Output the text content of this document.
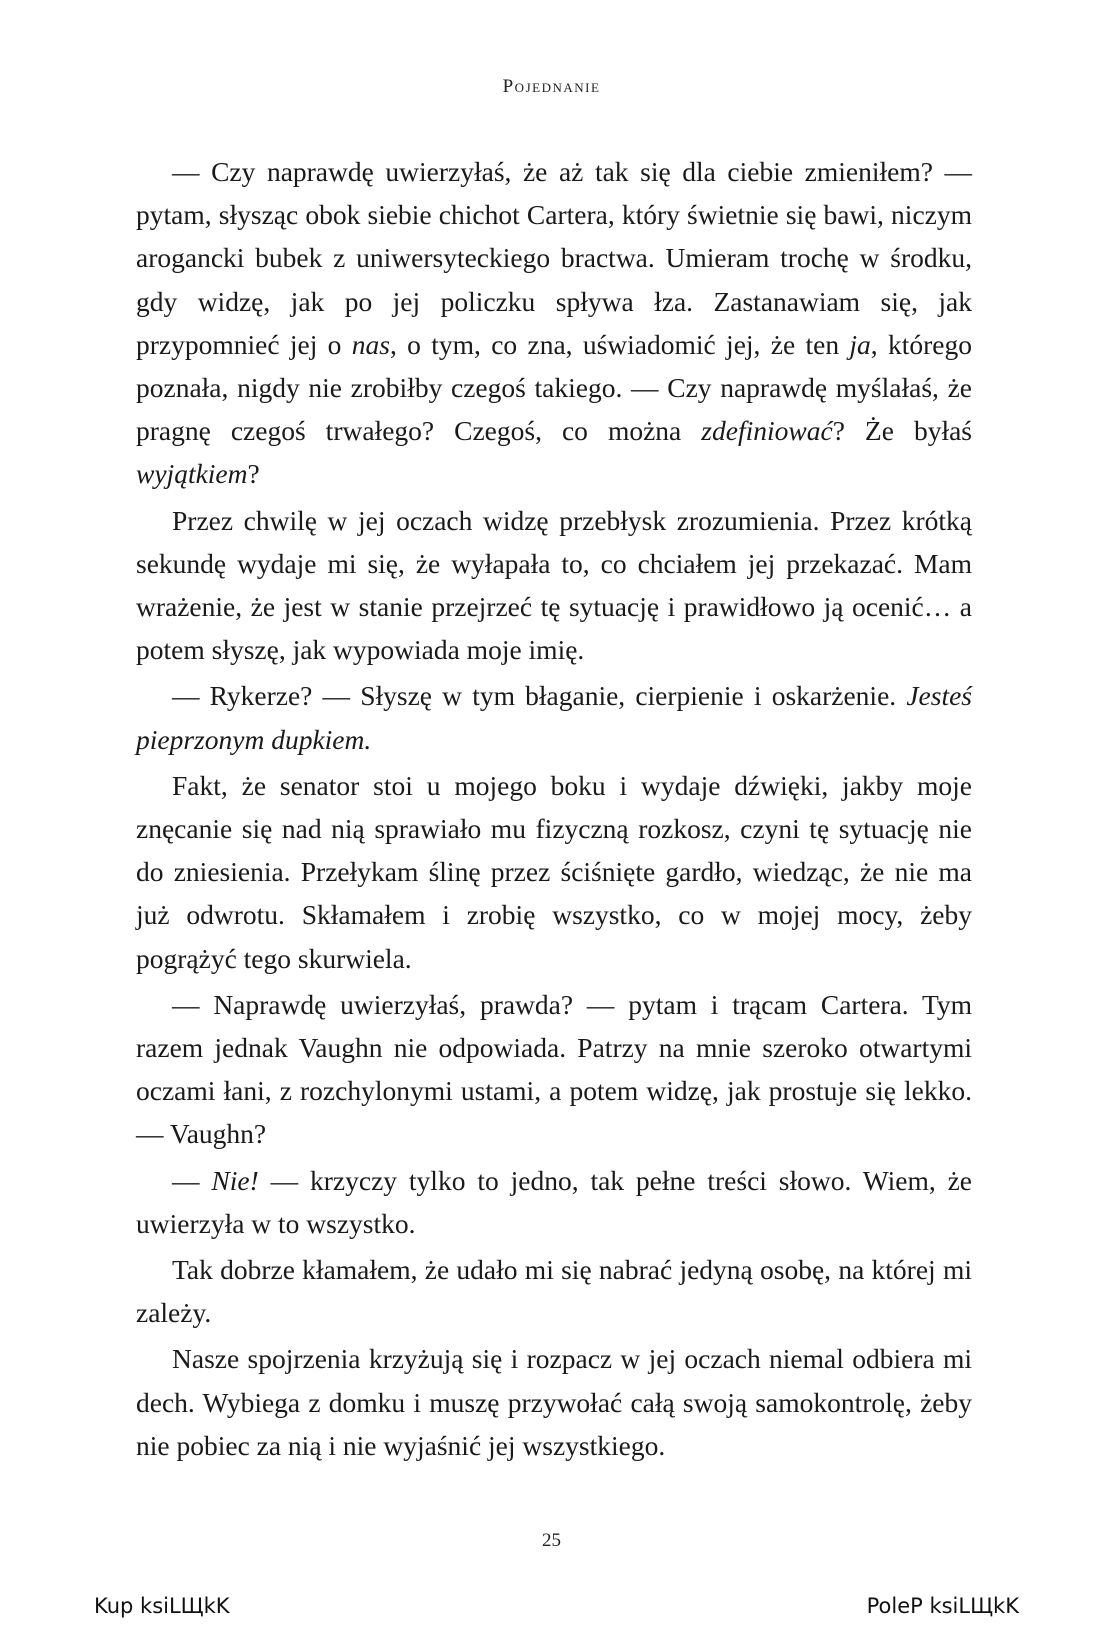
Pojednanie

— Czy naprawdę uwierzyłaś, że aż tak się dla ciebie zmieniłem? — pytam, słysząc obok siebie chichot Cartera, który świetnie się bawi, niczym arogancki bubek z uniwersyteckiego bractwa. Umieram trochę w środku, gdy widzę, jak po jej policzku spływa łza. Zastanawiam się, jak przypomnieć jej o nas, o tym, co zna, uświadomić jej, że ten ja, którego poznała, nigdy nie zrobiłby czegoś takiego. — Czy naprawdę myślałaś, że pragnę czegoś trwałego? Czegoś, co można zdefiniować? Że byłaś wyjątkiem?

Przez chwilę w jej oczach widzę przebłysk zrozumienia. Przez krótką sekundę wydaje mi się, że wyłapała to, co chciałem jej przekazać. Mam wrażenie, że jest w stanie przejrzeć tę sytuację i prawidłowo ją ocenić… a potem słyszę, jak wypowiada moje imię.

— Rykerze? — Słyszę w tym błaganie, cierpienie i oskarżenie. Jesteś pieprzonym dupkiem.

Fakt, że senator stoi u mojego boku i wydaje dźwięki, jakby moje znęcanie się nad nią sprawiało mu fizyczną rozkosz, czyni tę sytuację nie do zniesienia. Przełykam ślinę przez ściśnięte gardło, wiedząc, że nie ma już odwrotu. Skłamałem i zrobię wszystko, co w mojej mocy, żeby pogrążyć tego skurwiela.

— Naprawdę uwierzyłaś, prawda? — pytam i trącam Cartera. Tym razem jednak Vaughn nie odpowiada. Patrzy na mnie szeroko otwartymi oczami łani, z rozchylonymi ustami, a potem widzę, jak prostuje się lekko. — Vaughn?

— Nie! — krzyczy tylko to jedno, tak pełne treści słowo. Wiem, że uwierzyła w to wszystko.

Tak dobrze kłamałem, że udało mi się nabrać jedyną osobę, na której mi zależy.

Nasze spojrzenia krzyżują się i rozpacz w jej oczach niemal odbiera mi dech. Wybiega z domku i muszę przywołać całą swoją samokontrolę, żeby nie pobiec za nią i nie wyjaśnić jej wszystkiego.

25
Kup ksiLЩkK	PoleP ksiLЩkK
